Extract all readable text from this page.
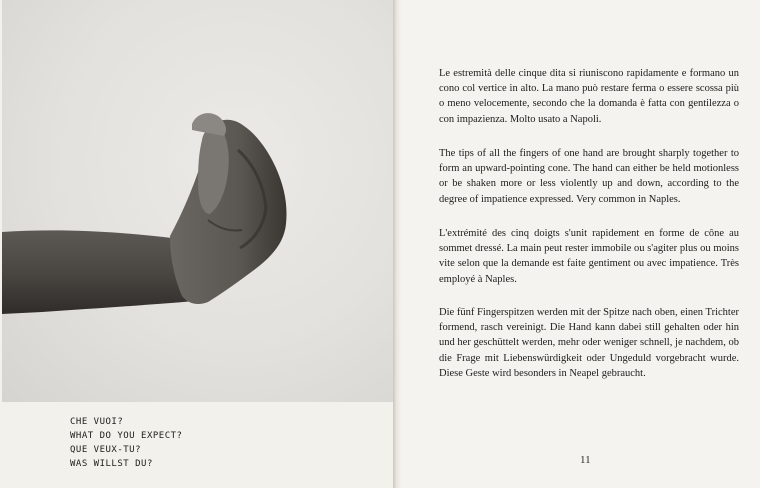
CHE VUOI?
WHAT DO YOU EXPECT?
QUE VEUX-TU?
WAS WILLST DU?

Le estremità delle cinque dita si riuniscono rapidamente e formano un cono col vertice in alto. La mano può restare ferma o essere scossa più o meno velocemente, secondo che la domanda è fatta con gentilezza o con impazienza. Molto usato a Napoli.

The tips of all the fingers of one hand are brought sharply together to form an upward-pointing cone. The hand can either be held motionless or be shaken more or less violently up and down, according to the degree of impatience expressed. Very common in Naples.

L'extrémité des cinq doigts s'unit rapidement en forme de cône au sommet dressé. La main peut rester immobile ou s'agiter plus ou moins vite selon que la demande est faite gentiment ou avec impatience. Très employé à Naples.

Die fünf Fingerspitzen werden mit der Spitze nach oben, einen Trichter formend, rasch vereinigt. Die Hand kann dabei still gehalten oder hin und her geschüttelt werden, mehr oder weniger schnell, je nachdem, ob die Frage mit Liebenswürdigkeit oder Ungeduld vorgebracht wurde. Diese Geste wird besonders in Neapel gebraucht.

11
